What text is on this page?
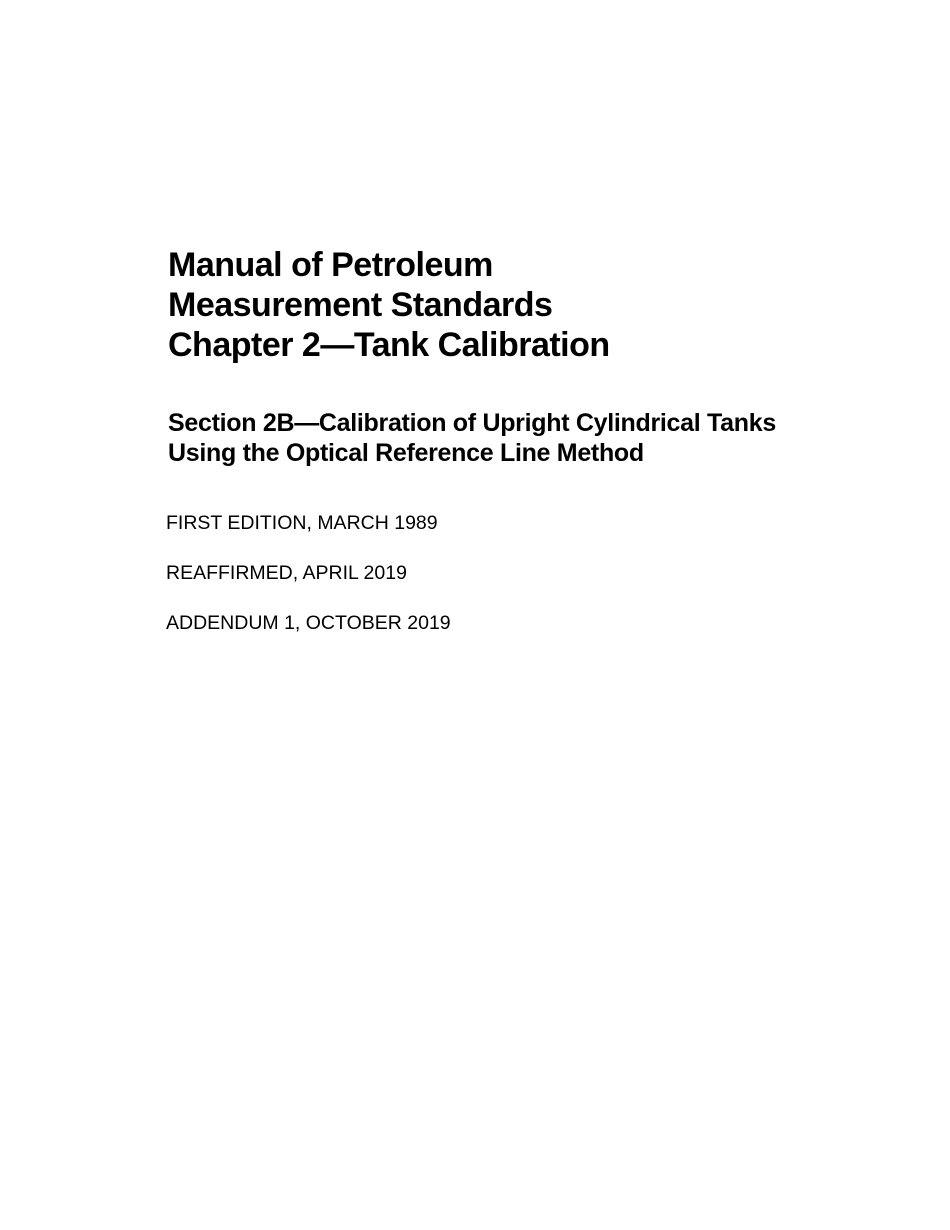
Manual of Petroleum
Measurement Standards
Chapter 2—Tank Calibration
Section 2B—Calibration of Upright Cylindrical Tanks
Using the Optical Reference Line Method
FIRST EDITION, MARCH 1989
REAFFIRMED, APRIL 2019
ADDENDUM 1, OCTOBER 2019
